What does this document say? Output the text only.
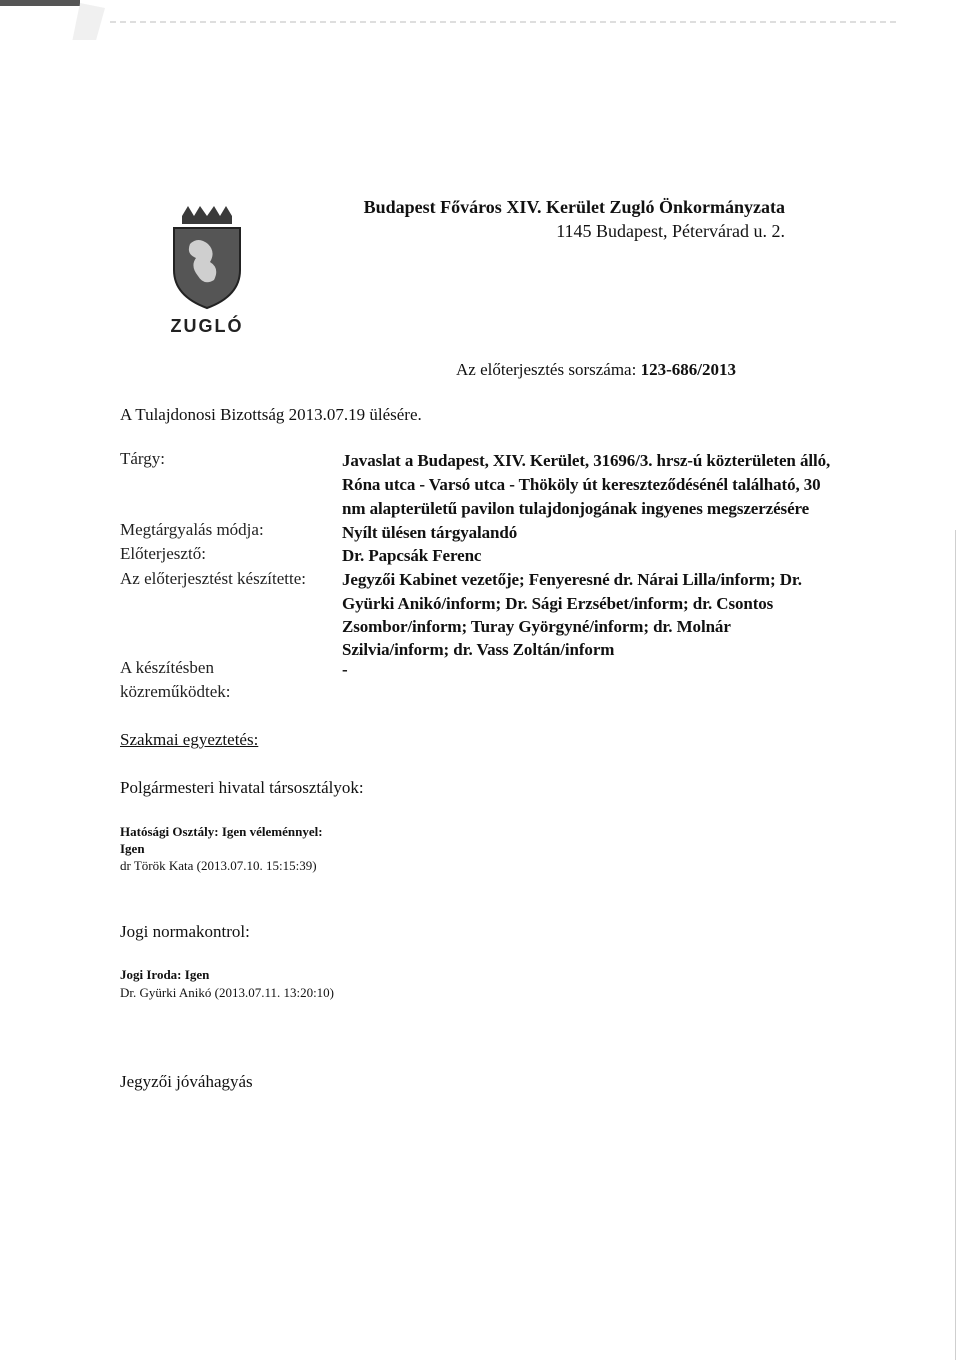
Budapest Főváros XIV. Kerület Zugló Önkormányzata
1145 Budapest, Pétervárad u. 2.
ZUGLÓ
Az előterjesztés sorszáma: 123-686/2013
A Tulajdonosi Bizottság 2013.07.19 ülésére.
Tárgy:	Javaslat a Budapest, XIV. Kerület, 31696/3. hrsz-ú közterületen álló,
Róna utca - Varsó utca - Thököly út kereszteződésénél található, 30
nm alapterületű pavilon tulajdonjogának ingyenes megszerzésére
Megtárgyalás módja:	Nyílt ülésen tárgyalandó
Előterjesztő:	Dr. Papcsák Ferenc
Az előterjesztést készítette: Jegyzői Kabinet vezetője; Fenyeresné dr. Nárai Lilla/inform; Dr.
Gyürki Anikó/inform; Dr. Sági Erzsébet/inform; dr. Csontos
Zsombor/inform; Turay Györgyné/inform; dr. Molnár
Szilvia/inform; dr. Vass Zoltán/inform
A készítésben
közreműködtek:
-
Szakmai egyeztetés:
Polgármesteri hivatal társosztályok:
Hatósági Osztály: Igen véleménnyel:
Igen
dr Török Kata (2013.07.10. 15:15:39)
Jogi normakontrol:
Jogi Iroda: Igen
Dr. Gyürki Anikó (2013.07.11. 13:20:10)
Jegyzői jóváhagyás
